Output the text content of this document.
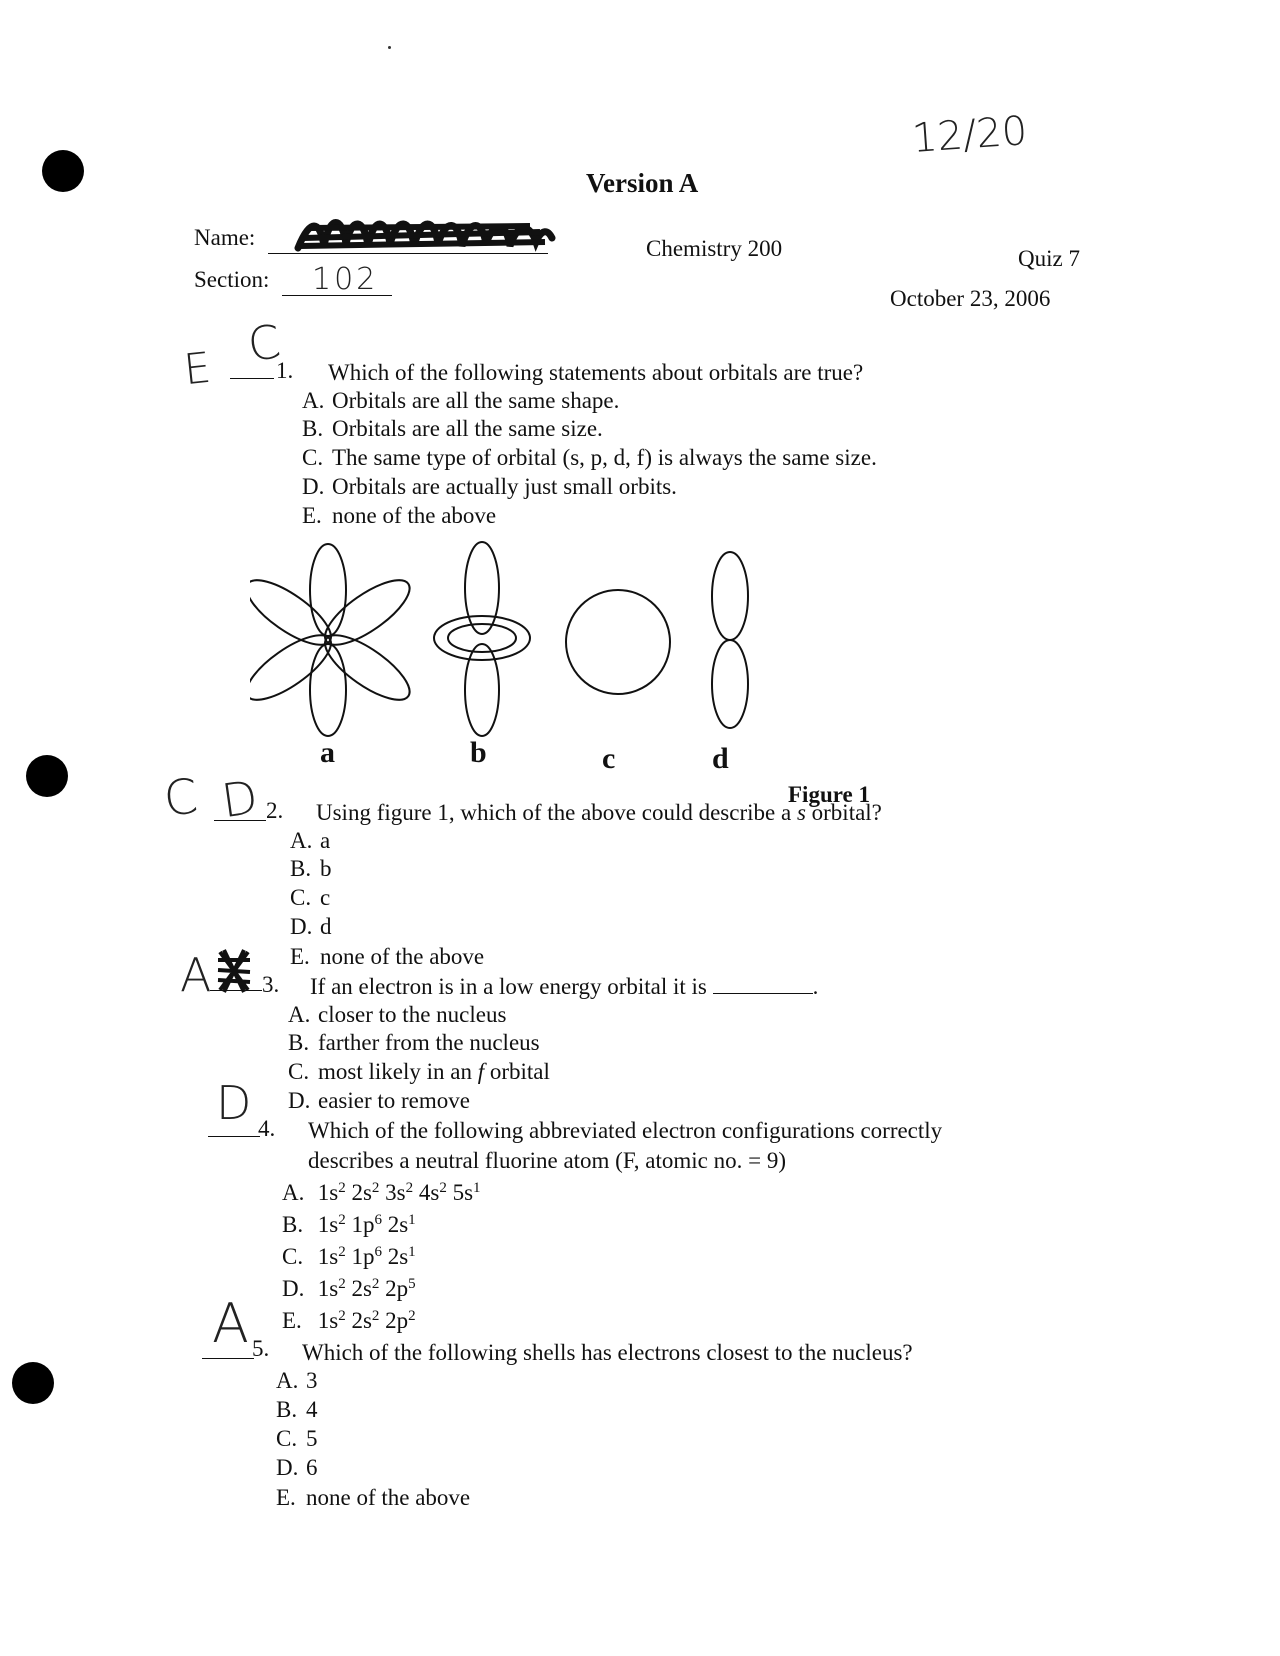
12/20
Version A
Name:
Section: 102
Chemistry 200	Quiz 7
October 23, 2006
E C
1. Which of the following statements about orbitals are true?
A. Orbitals are all the same shape.
B. Orbitals are all the same size.
C. The same type of orbital (s, p, d, f) is always the same size.
D. Orbitals are actually just small orbits.
E. none of the above
a	b	c	d
Figure 1
C D 2. Using figure 1, which of the above could describe a s orbital?
A. a
B. b
C. c
D. d
E. none of the above
A 3. If an electron is in a low energy orbital it is	.
A. closer to the nucleus
B. farther from the nucleus
C. most likely in an f orbital
D. easier to remove
D 4. Which of the following abbreviated electron configurations correctly
describes a neutral fluorine atom (F, atomic no. = 9)
A. $1s^2$ $2s^2$ $3s^2$ $4s^2$ $5s^1$
B. $1s^2$ $1p^6$ $2s^1$
C. $1s^2$ $1p^6$ $2s^1$
D. $1s^2$ $2s^2$ $2p^5$
E. $1s^2$ $2s^2$ $2p^2$
A 5. Which of the following shells has electrons closest to the nucleus?
A. 3
B. 4
C. 5
D. 6
E. none of the above
